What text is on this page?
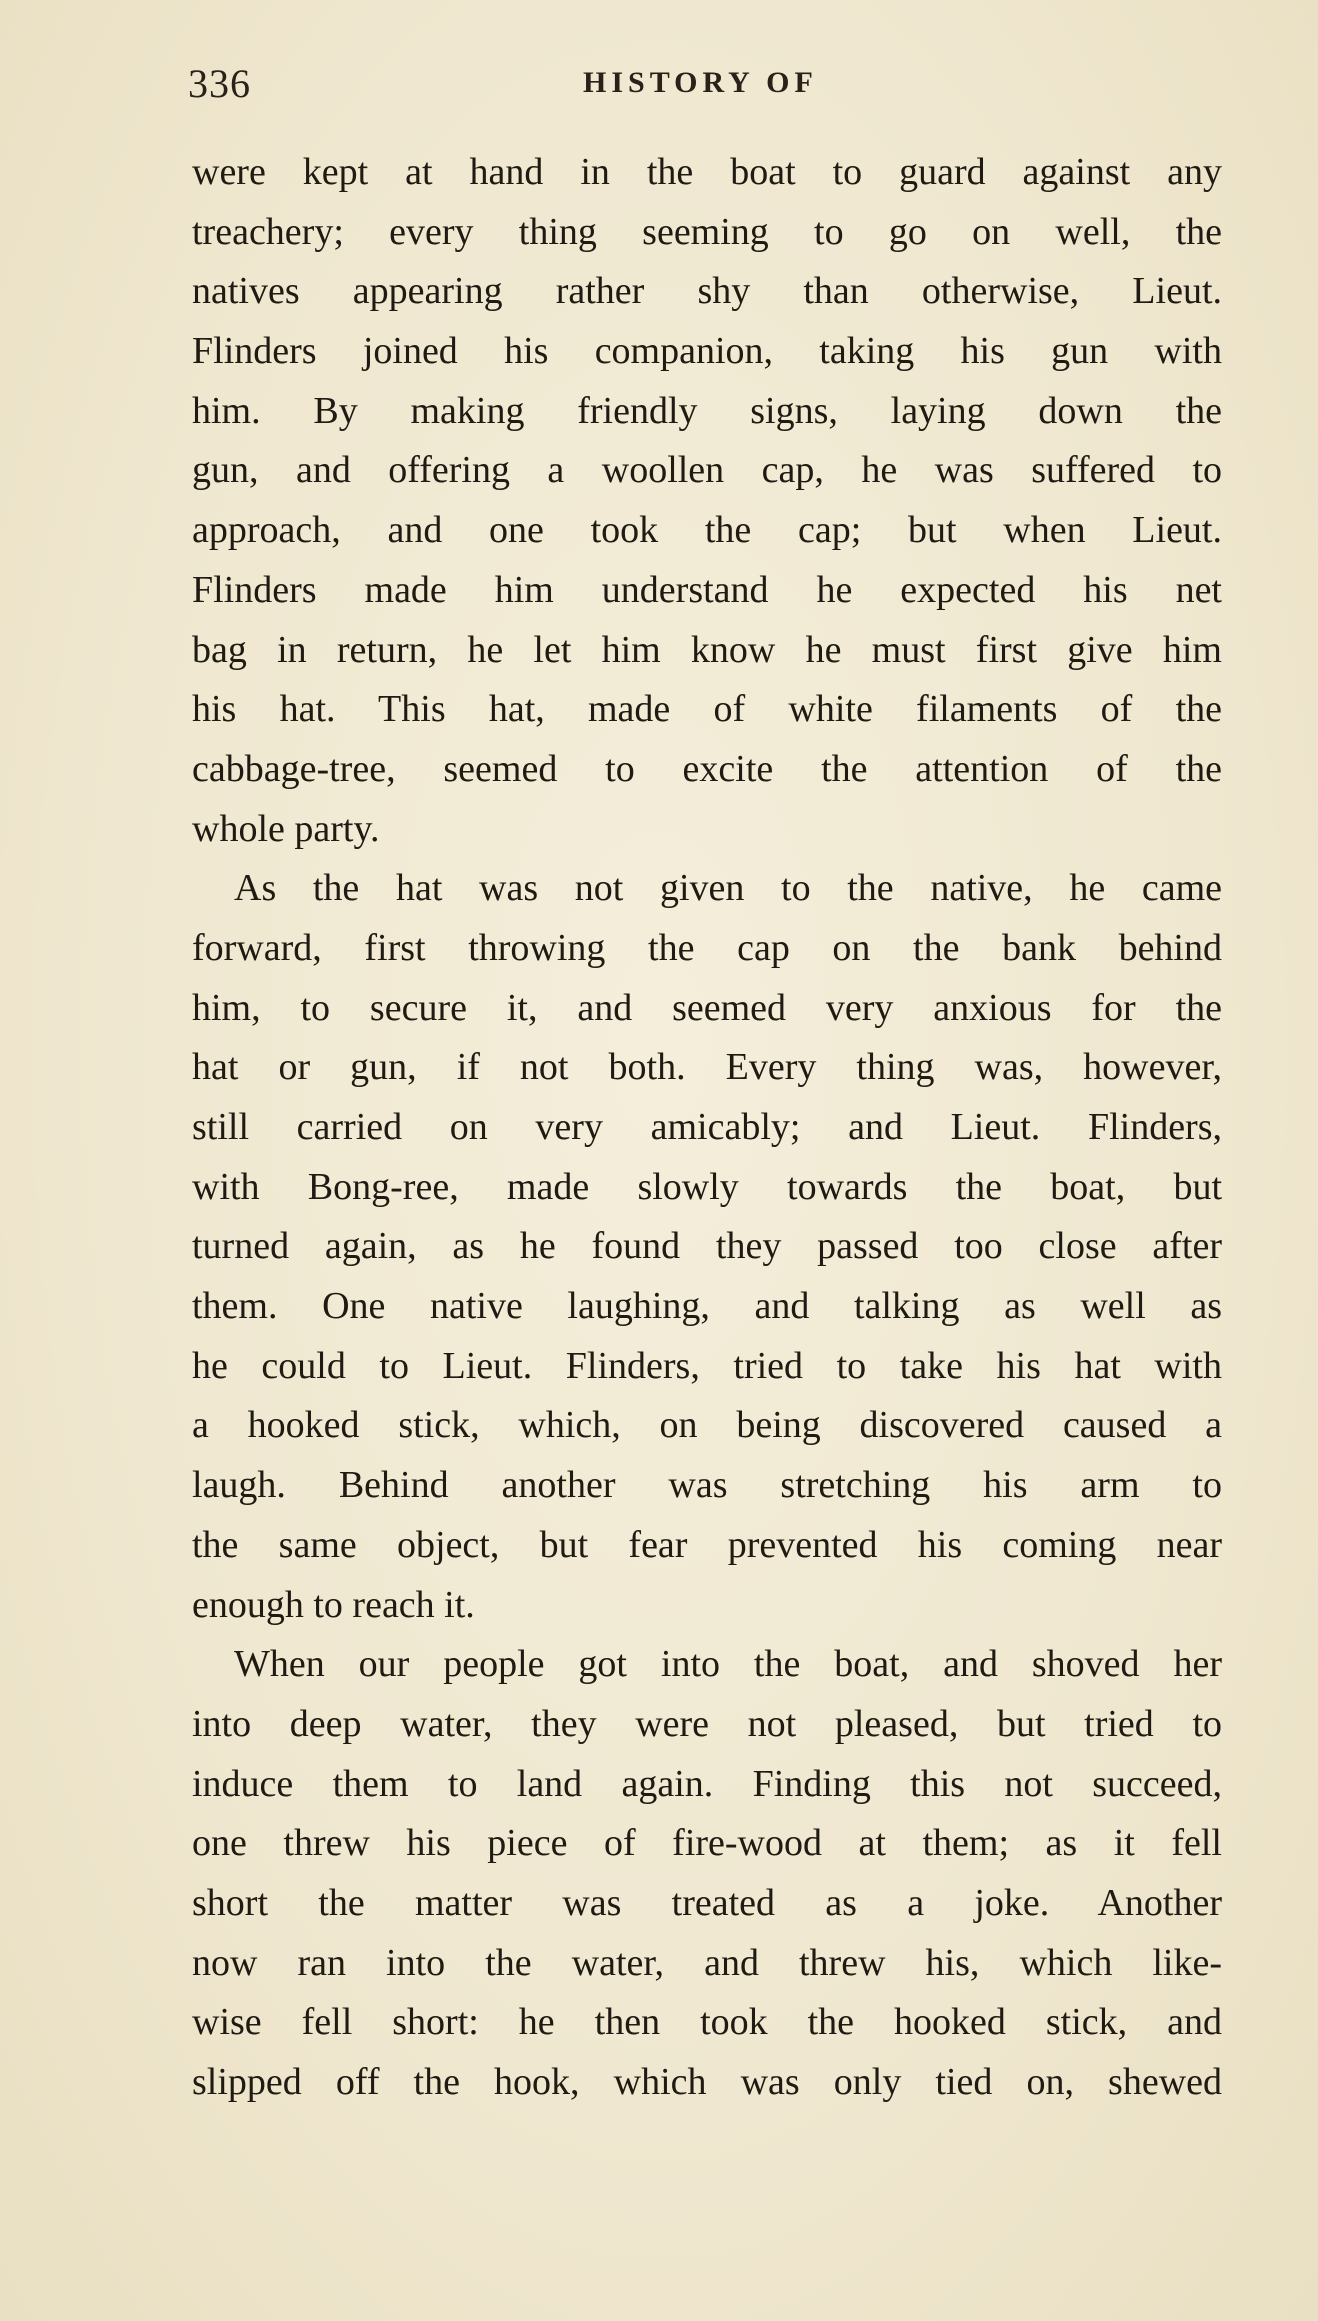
336	HISTORY OF
were kept at hand in the boat to guard against any
treachery; every thing seeming to go on well, the
natives appearing rather shy than otherwise, Lieut.
Flinders joined his companion, taking his gun with
him. By making friendly signs, laying down the
gun, and offering a woollen cap, he was suffered to
approach, and one took the cap; but when Lieut.
Flinders made him understand he expected his net
bag in return, he let him know he must first give him
his hat. This hat, made of white filaments of the
cabbage-tree, seemed to excite the attention of the
whole party.
As the hat was not given to the native, he came
forward, first throwing the cap on the bank behind
him, to secure it, and seemed very anxious for the
hat or gun, if not both. Every thing was, however,
still carried on very amicably; and Lieut. Flinders,
with Bong-ree, made slowly towards the boat, but
turned again, as he found they passed too close after
them. One native laughing, and talking as well as
he could to Lieut. Flinders, tried to take his hat with
a hooked stick, which, on being discovered caused a
laugh. Behind another was stretching his arm to
the same object, but fear prevented his coming near
enough to reach it.
When our people got into the boat, and shoved her
into deep water, they were not pleased, but tried to
induce them to land again. Finding this not succeed,
one threw his piece of fire-wood at them; as it fell
short the matter was treated as a joke. Another
now ran into the water, and threw his, which like-
wise fell short: he then took the hooked stick, and
slipped off the hook, which was only tied on, shewed
